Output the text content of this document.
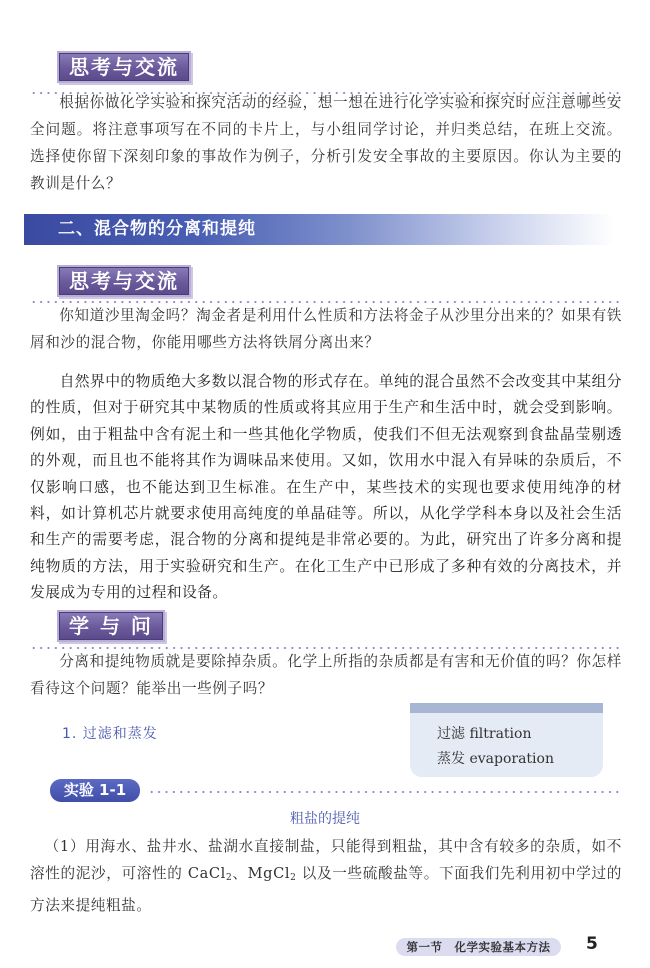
思考与交流
根据你做化学实验和探究活动的经验，想一想在进行化学实验和探究时应注意哪些安全问题。将注意事项写在不同的卡片上，与小组同学讨论，并归类总结，在班上交流。选择使你留下深刻印象的事故作为例子，分析引发安全事故的主要原因。你认为主要的教训是什么？
二、混合物的分离和提纯
思考与交流
你知道沙里淘金吗？淘金者是利用什么性质和方法将金子从沙里分出来的？如果有铁屑和沙的混合物，你能用哪些方法将铁屑分离出来？
自然界中的物质绝大多数以混合物的形式存在。单纯的混合虽然不会改变其中某组分的性质，但对于研究其中某物质的性质或将其应用于生产和生活中时，就会受到影响。例如，由于粗盐中含有泥土和一些其他化学物质，使我们不但无法观察到食盐晶莹剔透的外观，而且也不能将其作为调味品来使用。又如，饮用水中混入有异味的杂质后，不仅影响口感，也不能达到卫生标准。在生产中，某些技术的实现也要求使用纯净的材料，如计算机芯片就要求使用高纯度的单晶硅等。所以，从化学学科本身以及社会生活和生产的需要考虑，混合物的分离和提纯是非常必要的。为此，研究出了许多分离和提纯物质的方法，用于实验研究和生产。在化工生产中已形成了多种有效的分离技术，并发展成为专用的过程和设备。
学 与 问
分离和提纯物质就是要除掉杂质。化学上所指的杂质都是有害和无价值的吗？你怎样看待这个问题？能举出一些例子吗？
1. 过滤和蒸发	过滤 filtration
蒸发 evaporation
实验 1-1
粗盐的提纯
（1）用海水、盐井水、盐湖水直接制盐，只能得到粗盐，其中含有较多的杂质，如不溶性的泥沙，可溶性的 CaCl$_2$、MgCl$_2$ 以及一些硫酸盐等。下面我们先利用初中学过的方法来提纯粗盐。
第一节　化学实验基本方法	5
